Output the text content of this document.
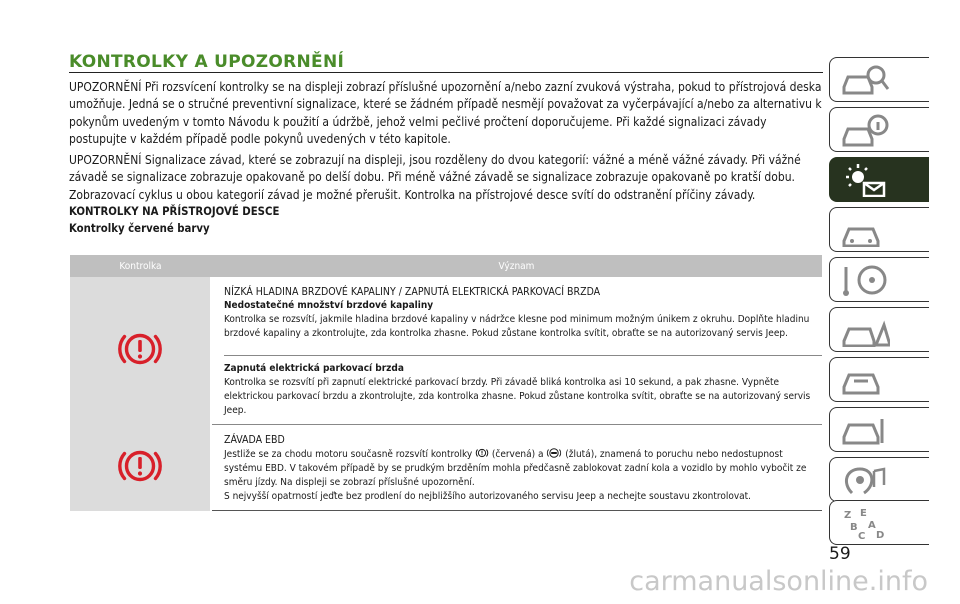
KONTROLKY A UPOZORNĚNÍ

UPOZORNĚNÍ Při rozsvícení kontrolky se na displeji zobrazí příslušné upozornění a/nebo zazní zvuková výstraha, pokud to přístrojová deska umožňuje. Jedná se o stručné preventivní signalizace, které se žádném případě nesmějí považovat za vyčerpávající a/nebo za alternativu k pokynům uvedeným v tomto Návodu k použití a údržbě, jehož velmi pečlivé pročtení doporučujeme. Při každé signalizaci závady postupujte v každém případě podle pokynů uvedených v této kapitole.

UPOZORNĚNÍ Signalizace závad, které se zobrazují na displeji, jsou rozděleny do dvou kategorií: vážné a méně vážné závady. Při vážné závadě se signalizace zobrazuje opakovaně po delší dobu. Při méně vážné závadě se signalizace zobrazuje opakovaně po kratší dobu. Zobrazovací cyklus u obou kategorií závad je možné přerušit. Kontrolka na přístrojové desce svítí do odstranění příčiny závady.

KONTROLKY NA PŘÍSTROJOVÉ DESCE

Kontrolky červené barvy

Kontrolka	Význam

NÍZKÁ HLADINA BRZDOVÉ KAPALINY / ZAPNUTÁ ELEKTRICKÁ PARKOVACÍ BRZDA
Nedostatečné množství brzdové kapaliny
Kontrolka se rozsvítí, jakmile hladina brzdové kapaliny v nádržce klesne pod minimum možným únikem z okruhu. Doplňte hladinu brzdové kapaliny a zkontrolujte, zda kontrolka zhasne. Pokud zůstane kontrolka svítit, obraťte se na autorizovaný servis Jeep.
Zapnutá elektrická parkovací brzda
Kontrolka se rozsvítí při zapnutí elektrické parkovací brzdy. Při závadě bliká kontrolka asi 10 sekund, a pak zhasne. Vypněte elektrickou parkovací brzdu a zkontrolujte, zda kontrolka zhasne. Pokud zůstane kontrolka svítit, obraťte se na autorizovaný servis Jeep.

ZÁVADA EBD
Jestliže se za chodu motoru současně rozsvítí kontrolky (červená) a (žlutá), znamená to poruchu nebo nedostupnost systému EBD. V takovém případě by se prudkým brzděním mohla předčasně zablokovat zadní kola a vozidlo by mohlo vybočit ze směru jízdy. Na displeji se zobrazí příslušné upozornění.
S nejvyšší opatrností jeďte bez prodlení do nejbližšího autorizovaného servisu Jeep a nechejte soustavu zkontrolovat.
Z E
B A
C D
59
carmanualsonline.info
